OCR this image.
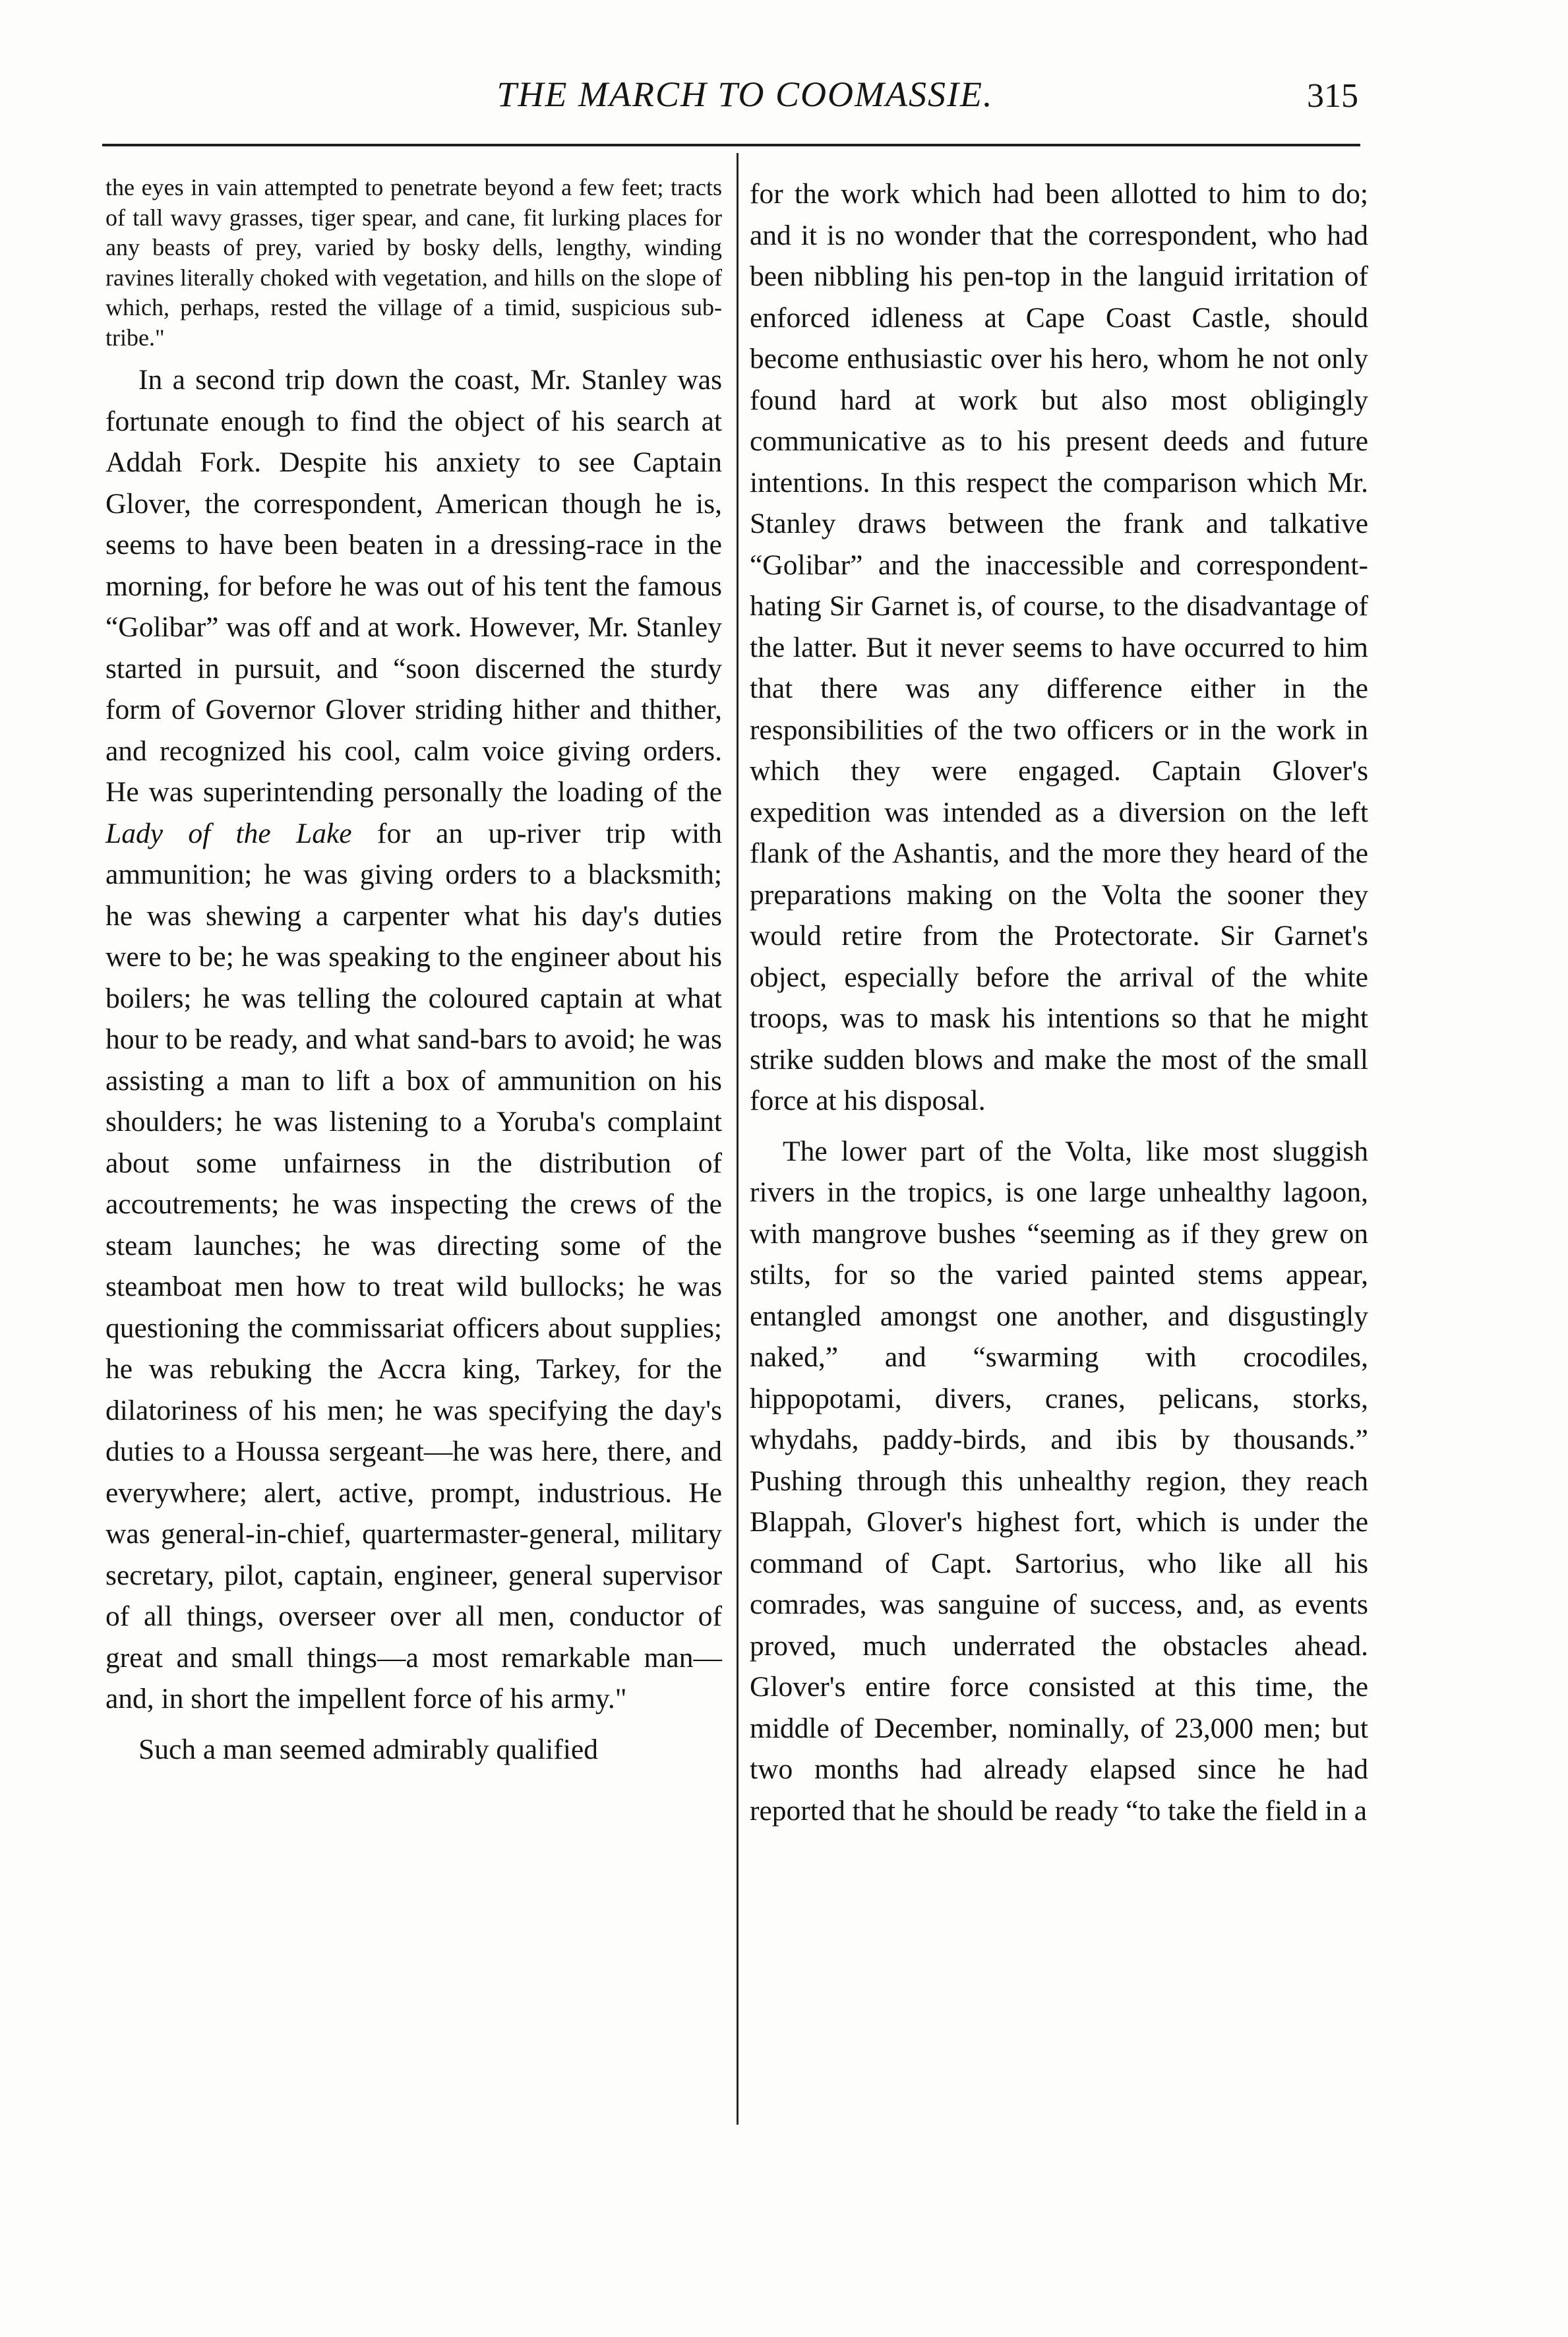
THE MARCH TO COOMASSIE.	315

the eyes in vain attempted to penetrate beyond a few feet; tracts of tall wavy grasses, tiger spear, and cane, fit lurking places for any beasts of prey, varied by bosky dells, lengthy, winding ravines literally choked with vegetation, and hills on the slope of which, perhaps, rested the village of a timid, suspicious sub-tribe."

In a second trip down the coast, Mr. Stanley was fortunate enough to find the object of his search at Addah Fork. Despite his anxiety to see Captain Glover, the correspondent, American though he is, seems to have been beaten in a dressing-race in the morning, for before he was out of his tent the famous “Golibar” was off and at work. However, Mr. Stanley started in pursuit, and “soon discerned the sturdy form of Governor Glover striding hither and thither, and recognized his cool, calm voice giving orders. He was superintending personally the loading of the Lady of the Lake for an up-river trip with ammunition; he was giving orders to a blacksmith; he was shewing a carpenter what his day's duties were to be; he was speaking to the engineer about his boilers; he was telling the coloured captain at what hour to be ready, and what sand-bars to avoid; he was assisting a man to lift a box of ammunition on his shoulders; he was listening to a Yoruba's complaint about some unfairness in the distribution of accoutrements; he was inspecting the crews of the steam launches; he was directing some of the steamboat men how to treat wild bullocks; he was questioning the commissariat officers about supplies; he was rebuking the Accra king, Tarkey, for the dilatoriness of his men; he was specifying the day's duties to a Houssa sergeant—he was here, there, and everywhere; alert, active, prompt, industrious. He was general-in-chief, quartermaster-general, military secretary, pilot, captain, engineer, general supervisor of all things, overseer over all men, conductor of great and small things—a most remarkable man—and, in short the impellent force of his army."

Such a man seemed admirably qualified

for the work which had been allotted to him to do; and it is no wonder that the correspondent, who had been nibbling his pen-top in the languid irritation of enforced idleness at Cape Coast Castle, should become enthusiastic over his hero, whom he not only found hard at work but also most obligingly communicative as to his present deeds and future intentions. In this respect the comparison which Mr. Stanley draws between the frank and talkative “Golibar” and the inaccessible and correspondent-hating Sir Garnet is, of course, to the disadvantage of the latter. But it never seems to have occurred to him that there was any difference either in the responsibilities of the two officers or in the work in which they were engaged. Captain Glover's expedition was intended as a diversion on the left flank of the Ashantis, and the more they heard of the preparations making on the Volta the sooner they would retire from the Protectorate. Sir Garnet's object, especially before the arrival of the white troops, was to mask his intentions so that he might strike sudden blows and make the most of the small force at his disposal.

The lower part of the Volta, like most sluggish rivers in the tropics, is one large unhealthy lagoon, with mangrove bushes “seeming as if they grew on stilts, for so the varied painted stems appear, entangled amongst one another, and disgustingly naked,” and “swarming with crocodiles, hippopotami, divers, cranes, pelicans, storks, whydahs, paddy-birds, and ibis by thousands.” Pushing through this unhealthy region, they reach Blappah, Glover's highest fort, which is under the command of Capt. Sartorius, who like all his comrades, was sanguine of success, and, as events proved, much underrated the obstacles ahead. Glover's entire force consisted at this time, the middle of December, nominally, of 23,000 men; but two months had already elapsed since he had reported that he should be ready “to take the field in a
